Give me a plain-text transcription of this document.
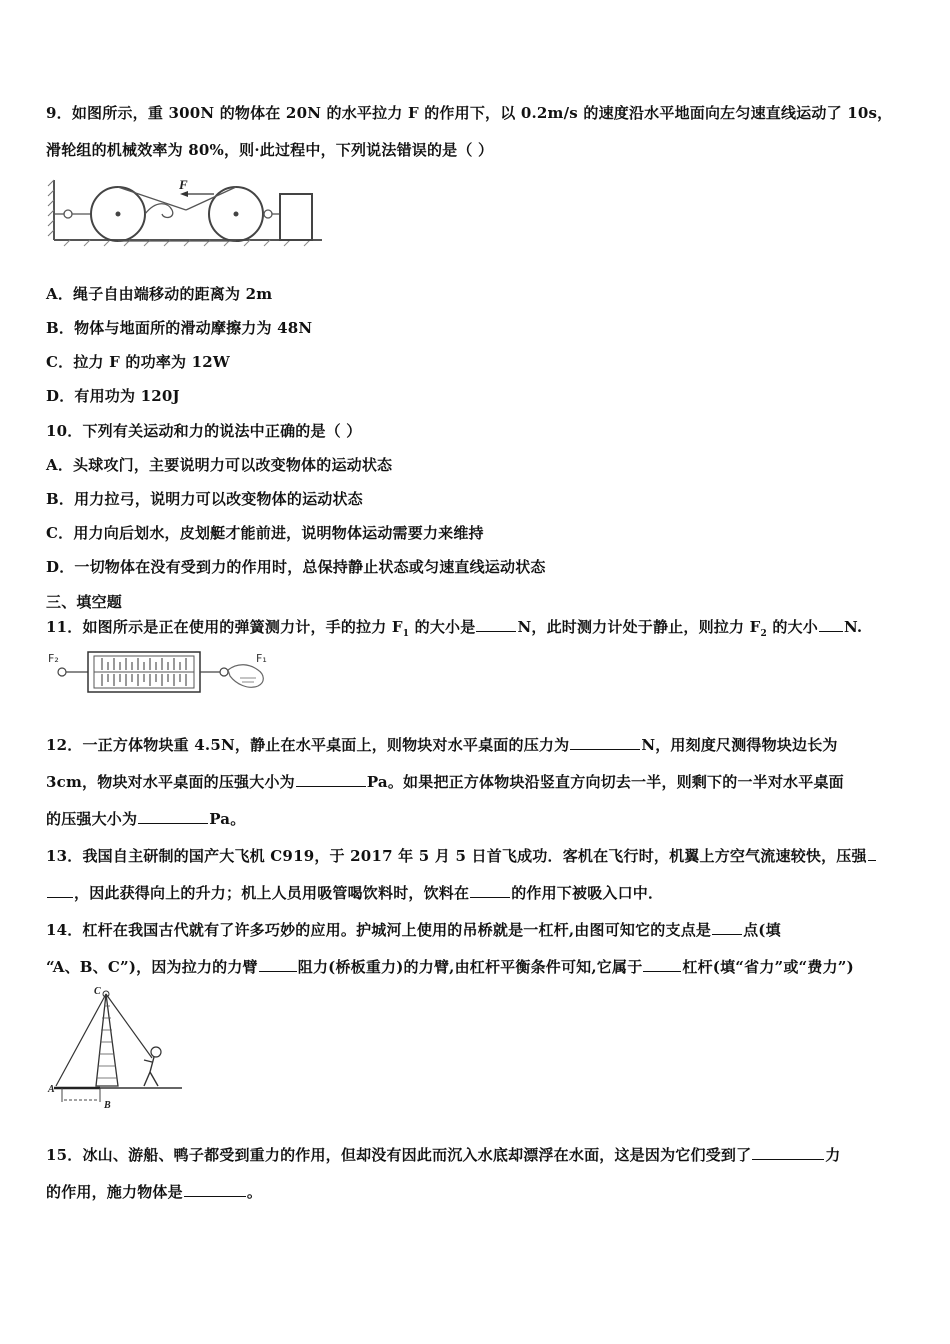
9．如图所示，重 300N 的物体在 20N 的水平拉力 F 的作用下，以 0.2m/s 的速度沿水平地面向左匀速直线运动了 10s，
滑轮组的机械效率为 80%，则·此过程中，下列说法错误的是（ ）
F
A．绳子自由端移动的距离为 2m
B．物体与地面所的滑动摩擦力为 48N
C．拉力 F 的功率为 12W
D．有用功为 120J
10．下列有关运动和力的说法中正确的是（ ）
A．头球攻门，主要说明力可以改变物体的运动状态
B．用力拉弓，说明力可以改变物体的运动状态
C．用力向后划水，皮划艇才能前进，说明物体运动需要力来维持
D．一切物体在没有受到力的作用时，总保持静止状态或匀速直线运动状态
三、填空题
11．如图所示是正在使用的弹簧测力计，手的拉力 $F_1$ 的大小是	N，此时测力计处于静止，则拉力 $F_2$ 的大小 N.
F₂	F₁
12．一正方体物块重 4.5N，静止在水平桌面上，则物块对水平桌面的压力为	N，用刻度尺测得物块边长为
3cm，物块对水平桌面的压强大小为	Pa。如果把正方体物块沿竖直方向切去一半，则剩下的一半对水平桌面
的压强大小为	Pa。
13．我国自主研制的国产大飞机 C919，于 2017 年 5 月 5 日首飞成功．客机在飞行时，机翼上方空气流速较快，压强
，因此获得向上的升力；机上人员用吸管喝饮料时，饮料在	的作用下被吸入口中．
14．杠杆在我国古代就有了许多巧妙的应用。护城河上使用的吊桥就是一杠杆,由图可知它的支点是 点(填
“A、B、C”)，因为拉力的力臂	阻力(桥板重力)的力臂,由杠杆平衡条件可知,它属于	杠杆(填“省力”或“费力”)
C
A
B
15．冰山、游船、鸭子都受到重力的作用，但却没有因此而沉入水底却漂浮在水面，这是因为它们受到了	力
的作用，施力物体是	。
